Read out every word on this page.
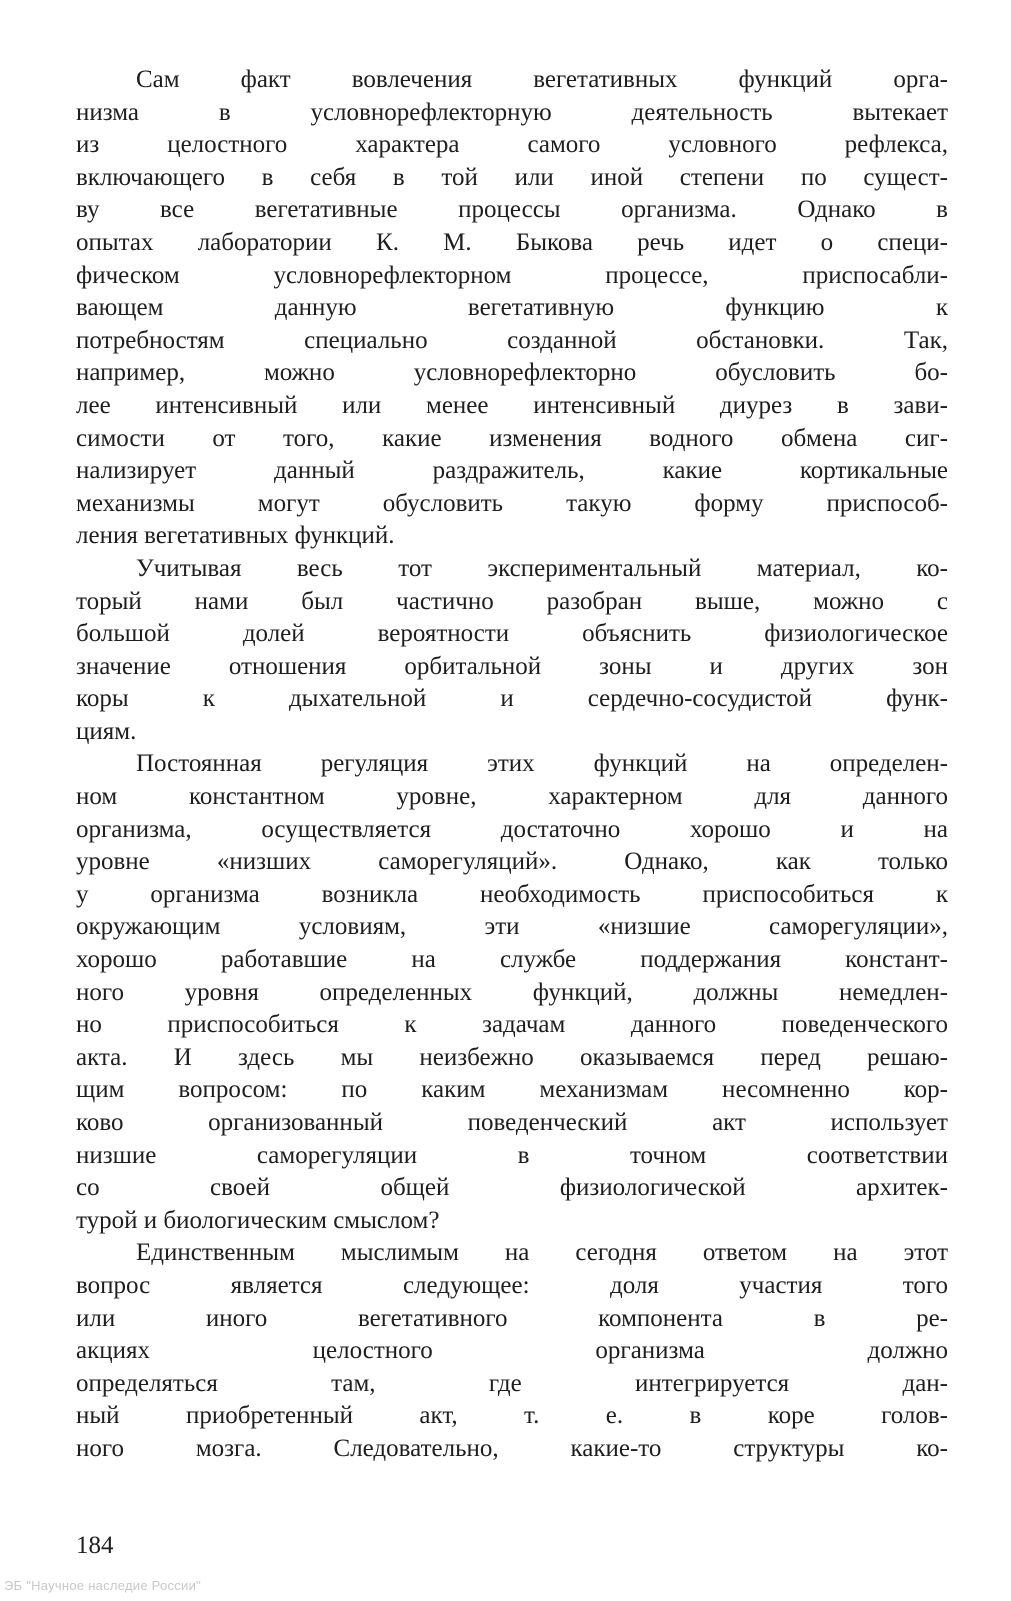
Сам факт вовлечения вегетативных функций орга-
низма в условнорефлекторную деятельность вытекает
из целостного характера самого условного рефлекса,
включающего в себя в той или иной степени по сущест-
ву все вегетативные процессы организма. Однако в
опытах лаборатории К. М. Быкова речь идет о специ-
фическом условнорефлекторном процессе, приспосабли-
вающем данную вегетативную функцию к
потребностям специально созданной обстановки. Так,
например, можно условнорефлекторно обусловить бо-
лее интенсивный или менее интенсивный диурез в зави-
симости от того, какие изменения водного обмена сиг-
нализирует данный раздражитель, какие кортикальные
механизмы могут обусловить такую форму приспособ-
ления вегетативных функций.
Учитывая весь тот экспериментальный материал, ко-
торый нами был частично разобран выше, можно с
большой долей вероятности объяснить физиологическое
значение отношения орбитальной зоны и других зон
коры к дыхательной и сердечно-сосудистой функ-
циям.
Постоянная регуляция этих функций на определен-
ном константном уровне, характерном для данного
организма, осуществляется достаточно хорошо и на
уровне «низших саморегуляций». Однако, как только
у организма возникла необходимость приспособиться к
окружающим условиям, эти «низшие саморегуляции»,
хорошо работавшие на службе поддержания констант-
ного уровня определенных функций, должны немедлен-
но приспособиться к задачам данного поведенческого
акта. И здесь мы неизбежно оказываемся перед решаю-
щим вопросом: по каким механизмам несомненно кор-
ково организованный поведенческий акт использует
низшие саморегуляции в точном соответствии
со своей общей физиологической архитек-
турой и биологическим смыслом?
Единственным мыслимым на сегодня ответом на этот
вопрос является следующее: доля участия того
или иного вегетативного компонента в ре-
акциях целостного организма должно
определяться там, где интегрируется дан-
ный приобретенный акт, т. е. в коре голов-
ного мозга. Следовательно, какие-то структуры ко-
184
ЭБ "Научное наследие России"
